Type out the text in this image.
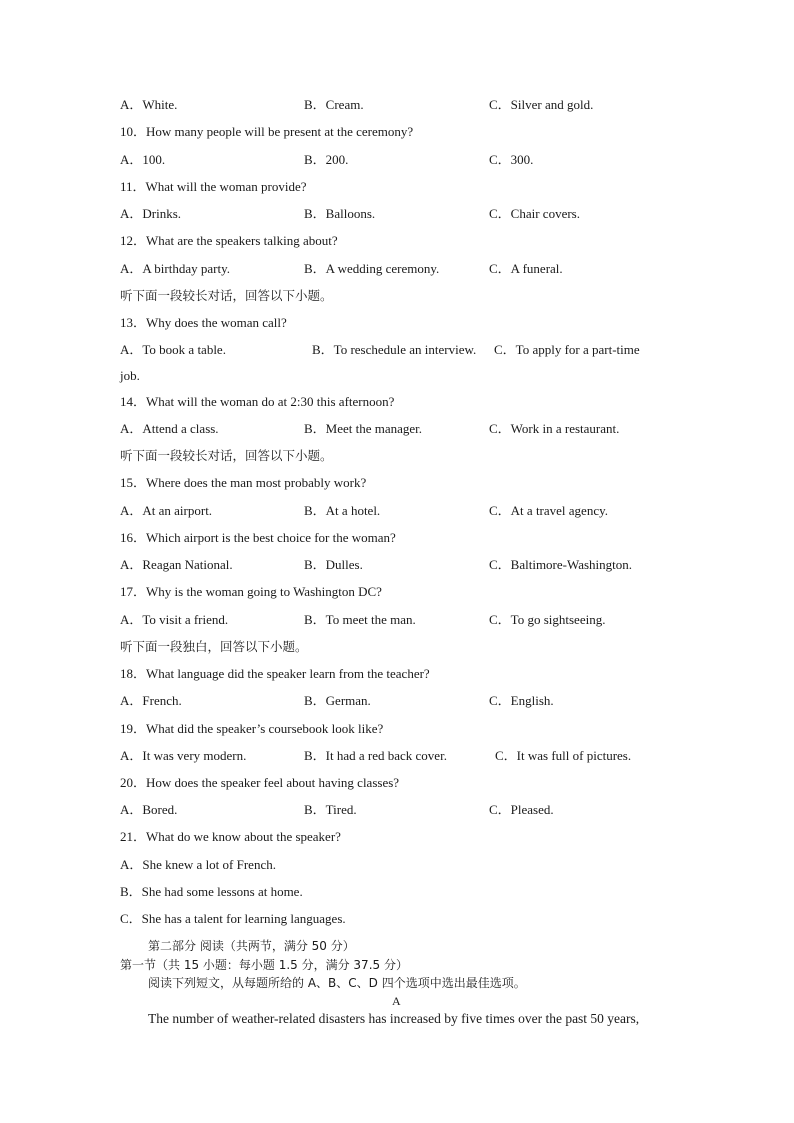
A．White.	B．Cream.	C．Silver and gold.
10．How many people will be present at the ceremony?
A．100.	B．200.	C．300.
11．What will the woman provide?
A．Drinks.	B．Balloons.	C．Chair covers.
12．What are the speakers talking about?
A．A birthday party.	B．A wedding ceremony.	C．A funeral.
听下面一段较长对话，回答以下小题。
13．Why does the woman call?
A．To book a table.	B．To reschedule an interview. C．To apply for a part-time
job.
14．What will the woman do at 2:30 this afternoon?
A．Attend a class.	B．Meet the manager.	C．Work in a restaurant.
听下面一段较长对话，回答以下小题。
15．Where does the man most probably work?
A．At an airport.	B．At a hotel.	C．At a travel agency.
16．Which airport is the best choice for the woman?
A．Reagan National.	B．Dulles.	C．Baltimore-Washington.
17．Why is the woman going to Washington DC?
A．To visit a friend.	B．To meet the man.	C．To go sightseeing.
听下面一段独白，回答以下小题。
18．What language did the speaker learn from the teacher?
A．French.	B．German.	C．English.
19．What did the speaker’s coursebook look like?
A．It was very modern.	B．It had a red back cover.	C．It was full of pictures.
20．How does the speaker feel about having classes?
A．Bored.	B．Tired.	C．Pleased.
21．What do we know about the speaker?
A．She knew a lot of French.
B．She had some lessons at home.
C．She has a talent for learning languages.
第二部分 阅读（共两节，满分 50 分）
第一节（共 15 小题：每小题 1.5 分，满分 37.5 分）
阅读下列短文，从每题所给的 A、B、C、D 四个选项中选出最佳选项。
A
The number of weather-related disasters has increased by five times over the past 50 years,
